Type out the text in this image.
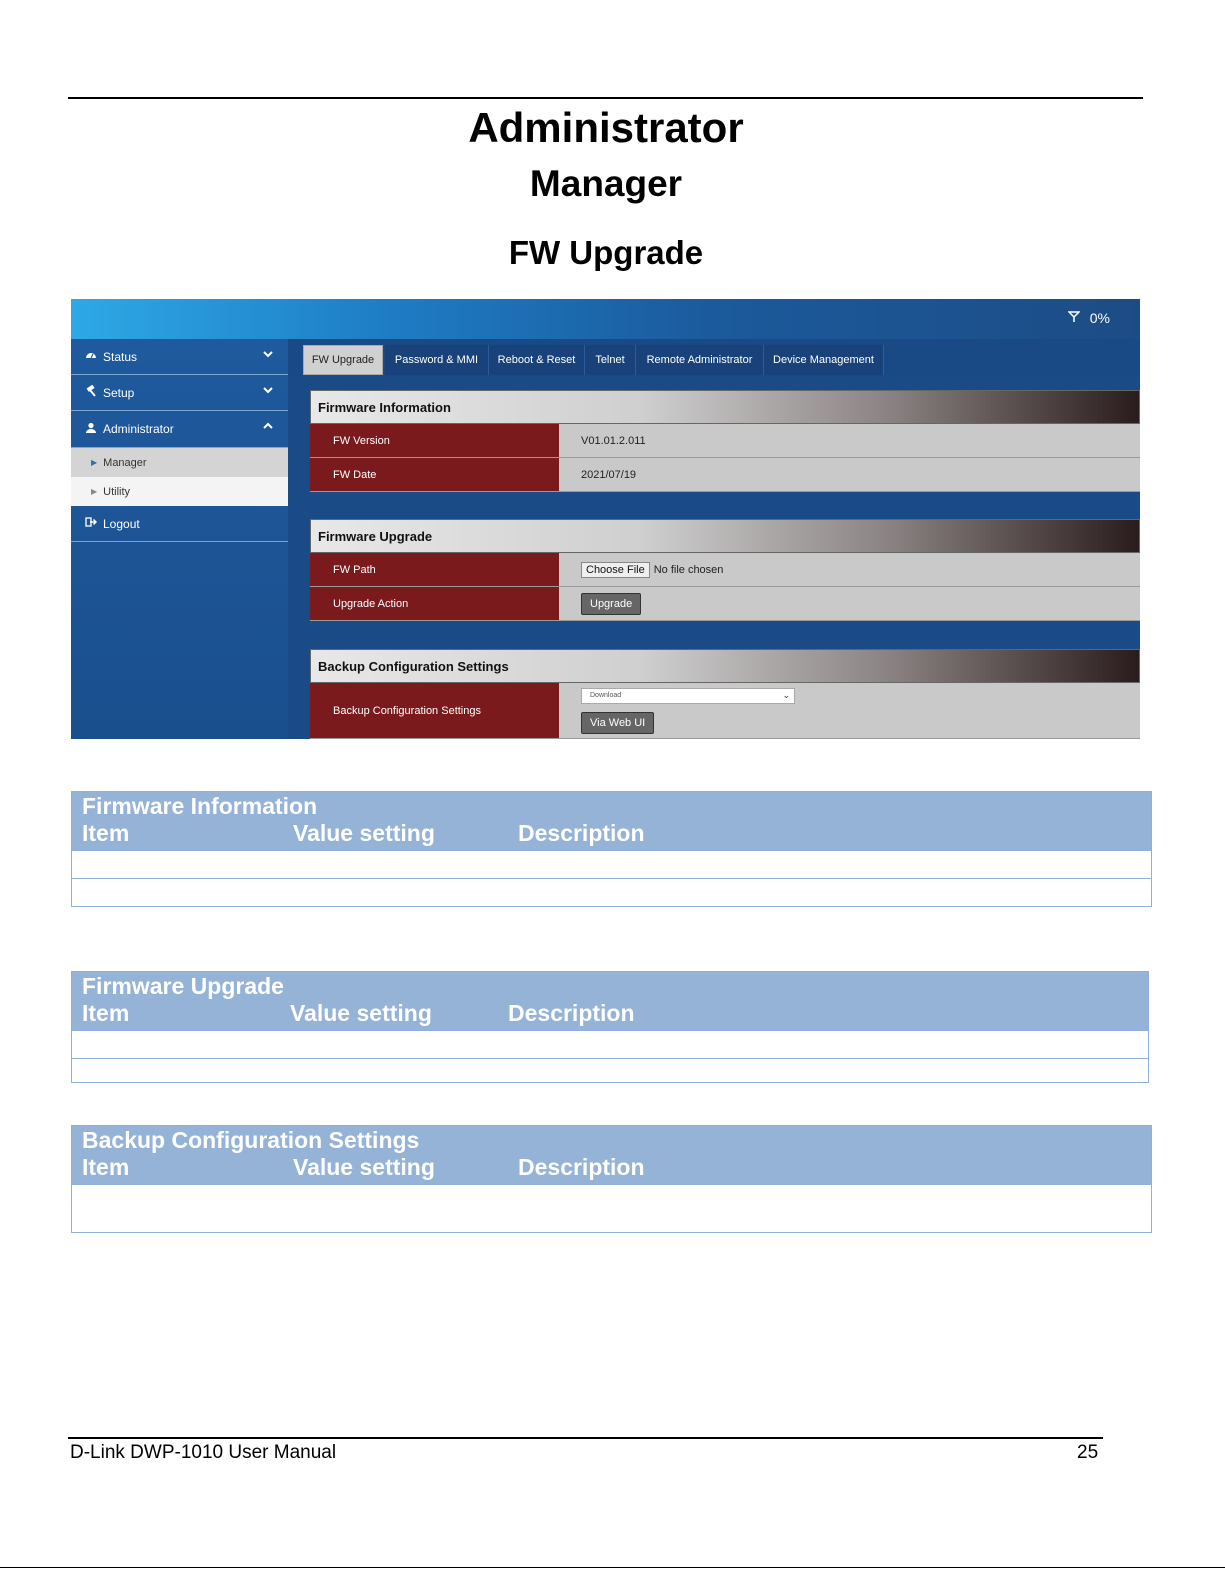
Administrator
Manager
FW Upgrade
0%
Status
Setup
Administrator
▶ Manager
▶ Utility
Logout
FW Upgrade	Password & MMI	Reboot & Reset	Telnet	Remote Administrator	Device Management
Firmware Information
FW Version	V01.01.2.011
FW Date	2021/07/19
Firmware Upgrade
FW Path	Choose File No file chosen
Upgrade Action	Upgrade
Backup Configuration Settings
Backup Configuration Settings
Download	⌄
Via Web UI
Firmware Information
Item	Value setting	Description
Firmware Upgrade
Item	Value setting	Description
Backup Configuration Settings
Item	Value setting	Description
D-Link DWP-1010 User Manual	25
